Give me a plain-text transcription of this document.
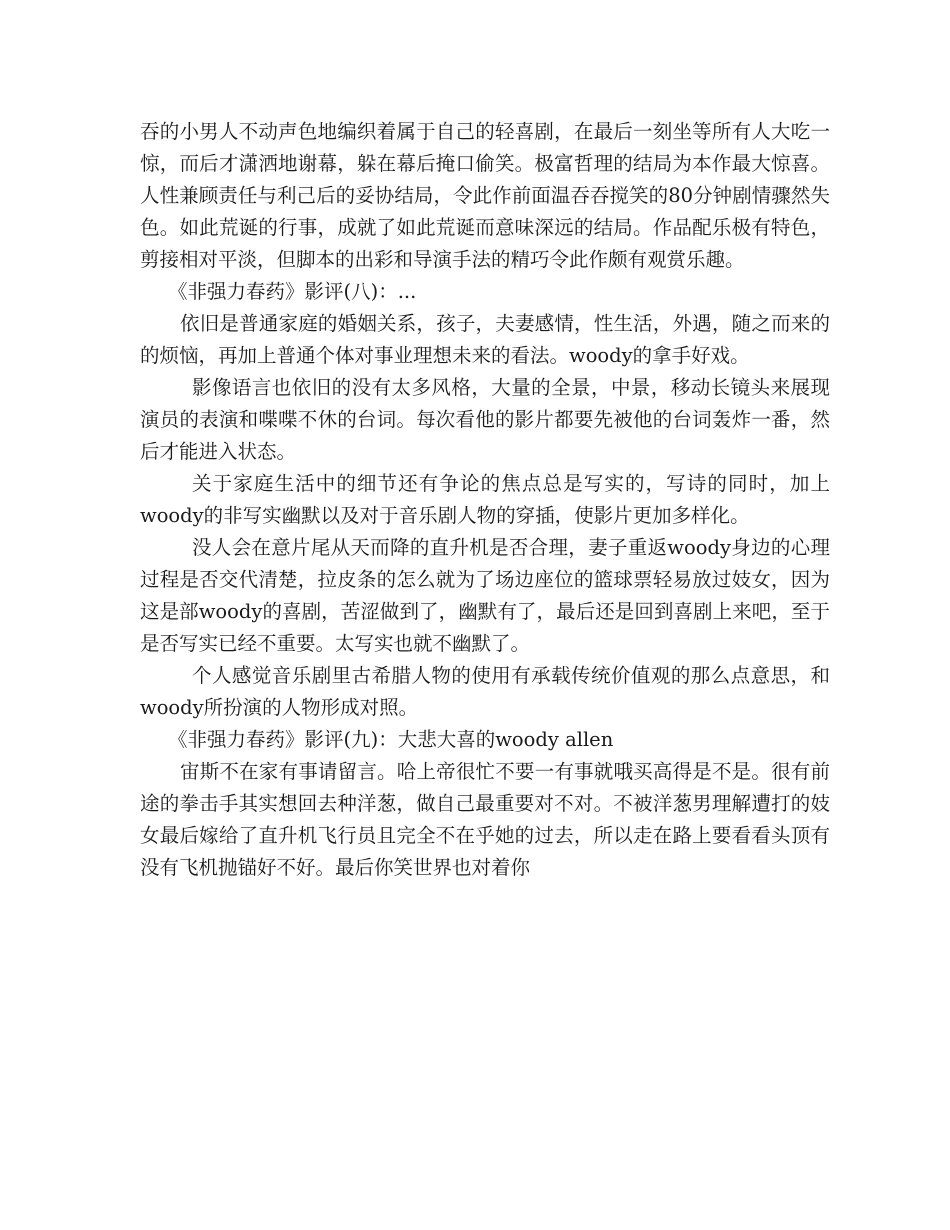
吞的小男人不动声色地编织着属于自己的轻喜剧，在最后一刻坐等所有人大吃一惊，而后才潇洒地谢幕，躲在幕后掩口偷笑。极富哲理的结局为本作最大惊喜。人性兼顾责任与利己后的妥协结局，令此作前面温吞吞搅笑的80分钟剧情骤然失色。如此荒诞的行事，成就了如此荒诞而意味深远的结局。作品配乐极有特色，剪接相对平淡，但脚本的出彩和导演手法的精巧令此作颇有观赏乐趣。

《非强力春药》影评(八)：...

依旧是普通家庭的婚姻关系，孩子，夫妻感情，性生活，外遇，随之而来的的烦恼，再加上普通个体对事业理想未来的看法。woody的拿手好戏。

影像语言也依旧的没有太多风格，大量的全景，中景，移动长镜头来展现演员的表演和喋喋不休的台词。每次看他的影片都要先被他的台词轰炸一番，然后才能进入状态。

关于家庭生活中的细节还有争论的焦点总是写实的，写诗的同时，加上woody的非写实幽默以及对于音乐剧人物的穿插，使影片更加多样化。

没人会在意片尾从天而降的直升机是否合理，妻子重返woody身边的心理过程是否交代清楚，拉皮条的怎么就为了场边座位的篮球票轻易放过妓女，因为这是部woody的喜剧，苦涩做到了，幽默有了，最后还是回到喜剧上来吧，至于是否写实已经不重要。太写实也就不幽默了。

个人感觉音乐剧里古希腊人物的使用有承载传统价值观的那么点意思，和woody所扮演的人物形成对照。

《非强力春药》影评(九)：大悲大喜的woody allen

宙斯不在家有事请留言。哈上帝很忙不要一有事就哦买高得是不是。很有前途的拳击手其实想回去种洋葱，做自己最重要对不对。不被洋葱男理解遭打的妓女最后嫁给了直升机飞行员且完全不在乎她的过去，所以走在路上要看看头顶有没有飞机抛锚好不好。最后你笑世界也对着你
